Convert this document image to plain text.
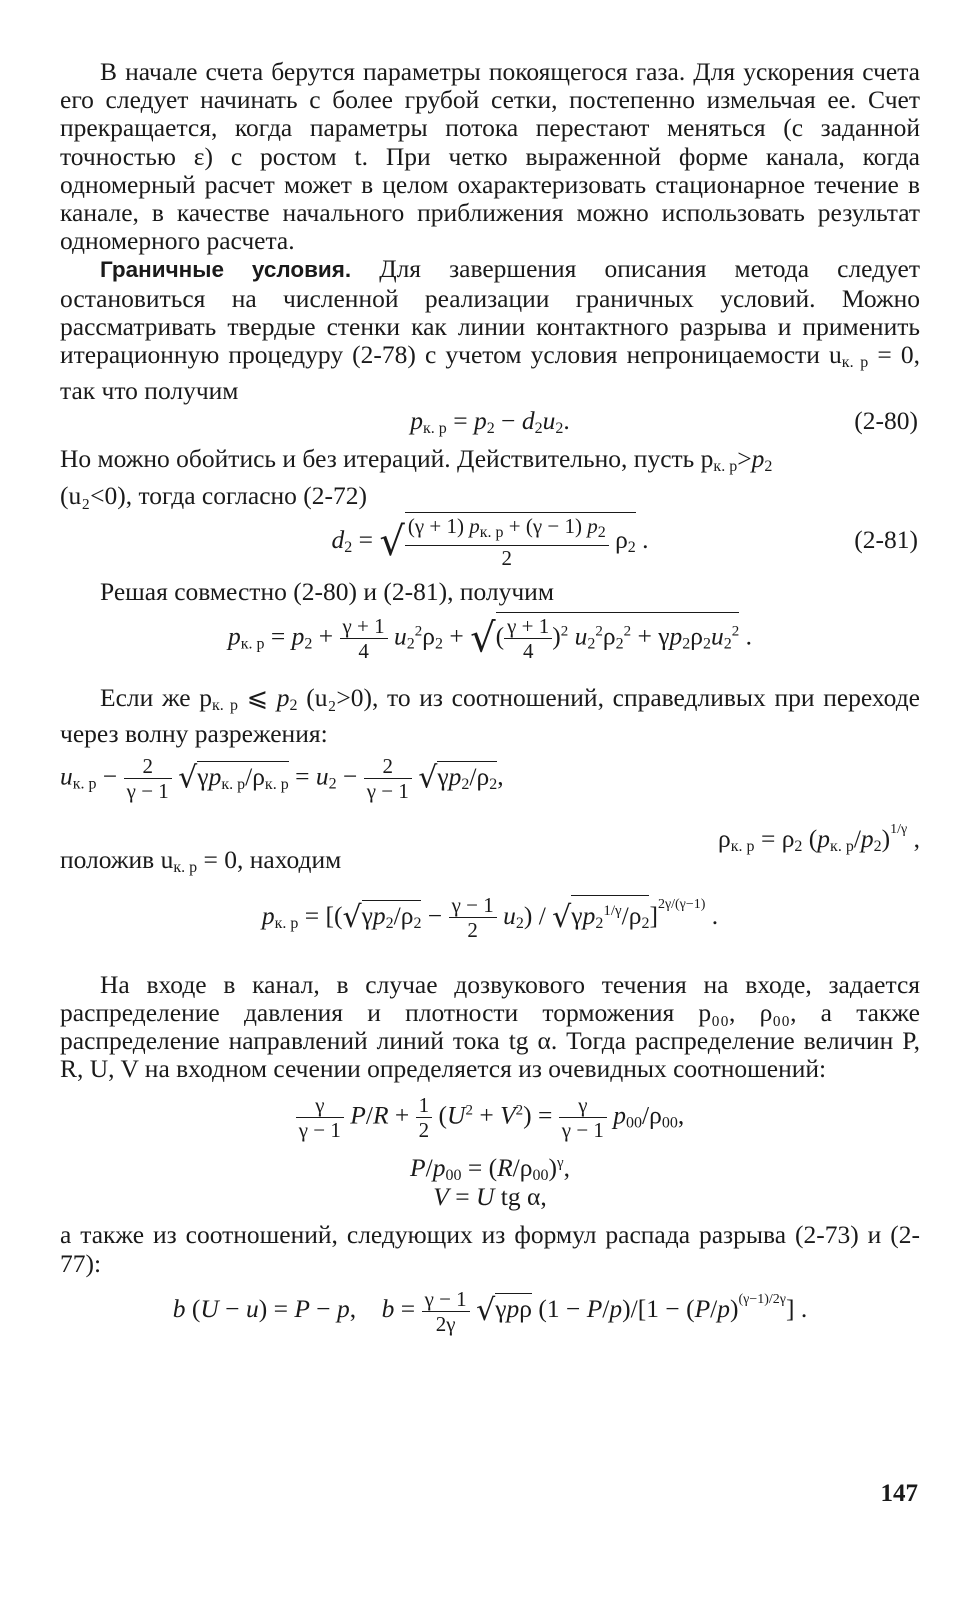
В начале счета берутся параметры покоящегося газа. Для ускорения счета его следует начинать с более грубой сетки, постепенно измельчая ее. Счет прекращается, когда параметры потока перестают меняться (с заданной точностью ε) с ростом t. При четко выраженной форме канала, когда одномерный расчет может в целом охарактеризовать стационарное течение в канале, в качестве начального приближения можно использовать результат одномерного расчета.

Граничные условия. Для завершения описания метода следует остановиться на численной реализации граничных условий. Можно рассматривать твердые стенки как линии контактного разрыва и применить итерационную процедуру (2-78) с учетом условия непроницаемости $u_{к. р} = 0$, так что получим

$p_{к. р} = p_2 - d_2u_2$.	(2-80)

Но можно обойтись и без итераций. Действительно, пусть $p_{к. р}>p_2$
(u₂<0), тогда согласно (2-72)

$d_2$ = √ $\frac{(\gamma + 1) p_{к. р} + (\gamma - 1) p_2}{2} \rho_2$ .	(2-81)

Решая совместно (2-80) и (2-81), получим

$p_{к. р} = p_2 + \frac{\gamma + 1}{4} u_2^2\rho_2$ + √( $\frac{\gamma + 1}{4} )^2$ $u_2^2\rho_2^2 + \gamma p_2\rho_2u_2^2$ .

Если же $p_{к. р}$ ⩽ $p_2$ (u₂>0), то из соотношений, справедливых при переходе через волну разрежения:

$u_{к. р} - \frac{2}{\gamma - 1} √\gamma p_{к. р}/\rho_{к. р} = u_2 - \frac{2}{\gamma - 1} √\gamma p_2/\rho_2$,
$\rho_{к. р} = \rho_2$ $(p_{к. р}/p_2)^{1/\gamma}$ ,

положив $u_{к. р} = 0$, находим

$p_{к. р} = [(√\gamma p_2/\rho_2 - \frac{\gamma - 1}{2} u_2) / √\gamma p_2^{1/\gamma}/\rho_2]^{2\gamma/(\gamma-1)}$ .

На входе в канал, в случае дозвукового течения на входе, задается распределение давления и плотности торможения p₀₀, ρ₀₀, а также распределение направлений линий тока tg α. Тогда распределение величин P, R, U, V на входном сечении определяется из очевидных соотношений:

$\frac{\gamma}{\gamma - 1} P/R + \frac{1}{2} (U^2 + V^2) = \frac{\gamma}{\gamma - 1} p_{00}/\rho_{00}$,
$P/p_{00} = (R/\rho_{00})^\gamma$,
V = U tg α,

а также из соотношений, следующих из формул распада разрыва (2-73) и (2-77):

b (U − u) = P − p,    $b = \frac{\gamma - 1}{2\gamma} √\gamma p\rho$ $(1 - P/p)/[1 - (P/p)^{(\gamma-1)/2\gamma}]$ .
147
